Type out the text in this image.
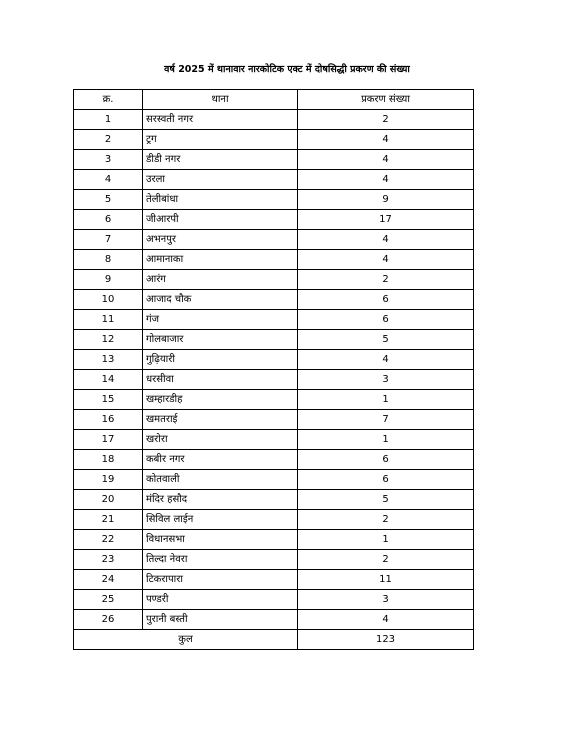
वर्ष 2025 में थानावार नारकोटिक एक्ट में दोषसिद्धी प्रकरण की संख्या
क्र.	थाना	प्रकरण संख्या
1	सरस्वती नगर	2
2	ट्रग	4
3	डीडी नगर	4
4	उरला	4
5	तेलीबांधा	9
6	जीआरपी	17
7	अभनपुर	4
8	आमानाका	4
9	आरंग	2
10	आजाद चौक	6
11	गंज	6
12	गोलबाजार	5
13	गुढ़ियारी	4
14	धरसीवा	3
15	खम्हारडीह	1
16	खमतराई	7
17	खरोरा	1
18	कबीर नगर	6
19	कोतवाली	6
20	मंदिर हसौद	5
21	सिविल लाईन	2
22	विधानसभा	1
23	तिल्दा नेवरा	2
24	टिकरापारा	11
25	पण्डरी	3
26	पुरानी बस्ती	4
कुल		123
